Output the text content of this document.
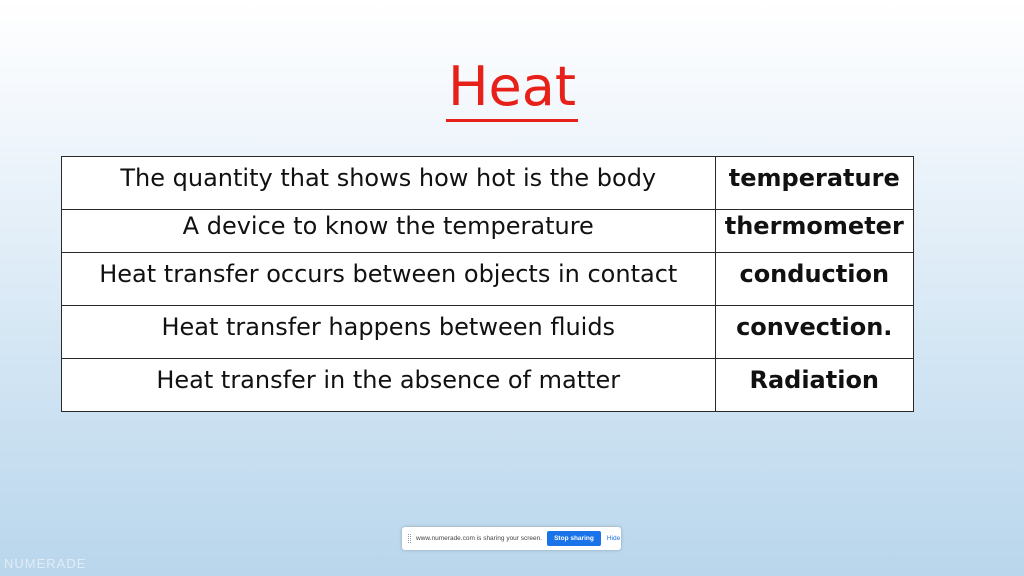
Heat
The quantity that shows how hot is the body	temperature
A device to know the temperature	thermometer
Heat transfer occurs between objects in contact	conduction
Heat transfer happens between fluids	convection.
Heat transfer in the absence of matter	Radiation
www.numerade.com is sharing your screen.	Stop sharing	Hide
NUMERADE
